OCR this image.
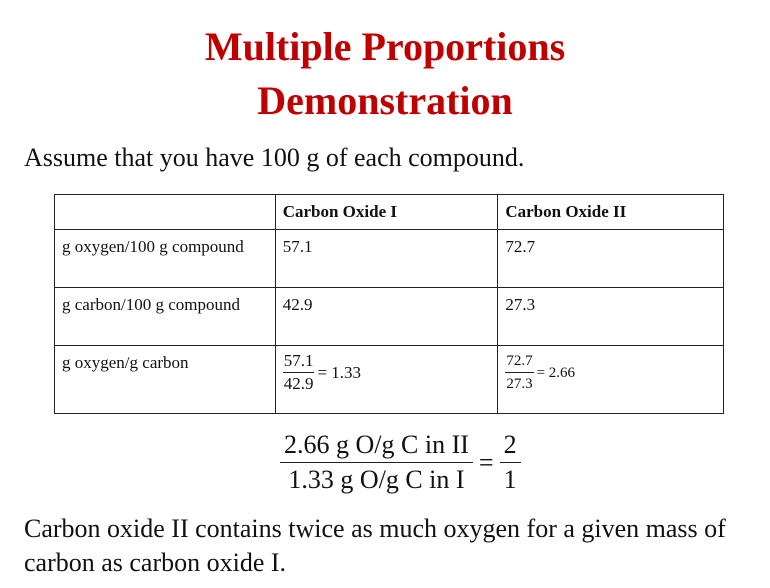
Multiple Proportions
Demonstration
Assume that you have 100 g of each compound.
	Carbon Oxide I	Carbon Oxide II
g oxygen/100 g compound	57.1	72.7
g carbon/100 g compound	42.9	27.3
g oxygen/g carbon	$\frac{57.1}{42.9} = 1.33$	$\frac{72.7}{27.3} = 2.66$
$\frac{\text{2.66 g O/g C in II}}{\text{1.33 g O/g C in I}} = \frac{2}{1}$
Carbon oxide II contains twice as much oxygen for a given mass of carbon as carbon oxide I.
